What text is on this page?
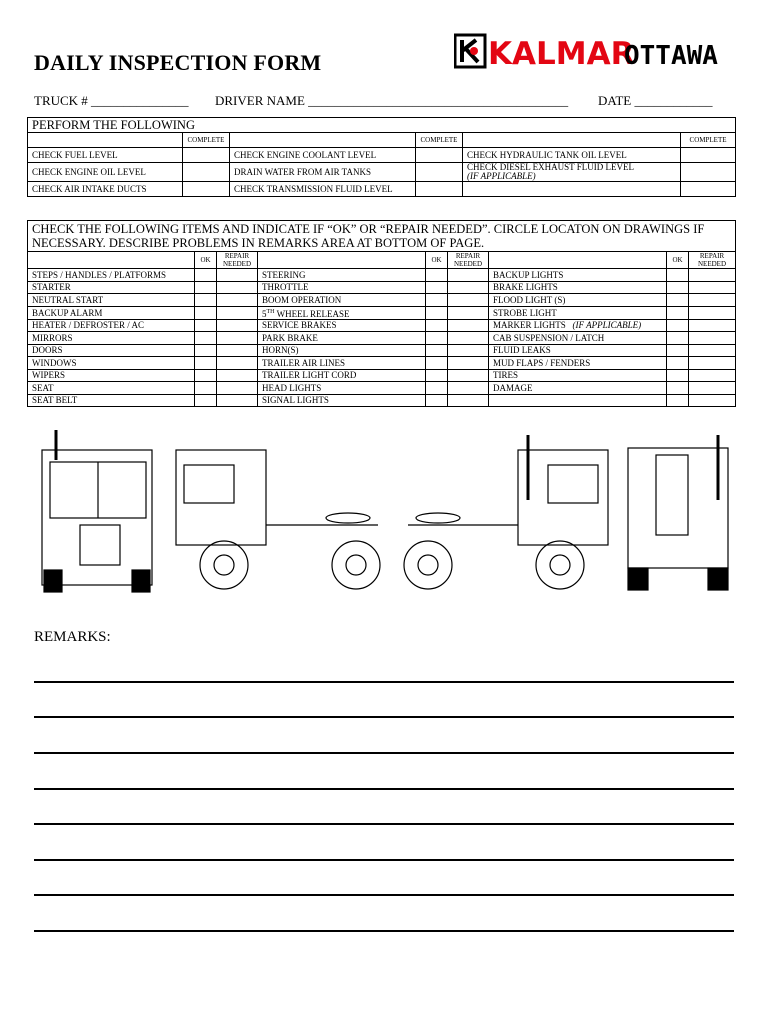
DAILY INSPECTION FORM	KALMAR
OTTAWA
TRUCK # _______________ DRIVER NAME ________________________________________ DATE ____________
PERFORM THE FOLLOWING					
	COMPLETE		COMPLETE		COMPLETE
CHECK FUEL LEVEL		CHECK ENGINE COOLANT LEVEL		CHECK HYDRAULIC TANK OIL LEVEL	
CHECK ENGINE OIL LEVEL		DRAIN WATER FROM AIR TANKS		CHECK DIESEL EXHAUST FLUID LEVEL
(IF APPLICABLE)	
CHECK AIR INTAKE DUCTS		CHECK TRANSMISSION FLUID LEVEL			
CHECK THE FOLLOWING ITEMS AND INDICATE IF “OK” OR “REPAIR NEEDED”. CIRCLE LOCATON ON DRAWINGS IF NECESSARY. DESCRIBE PROBLEMS IN REMARKS AREA AT BOTTOM OF PAGE.								
	OK	REPAIR
NEEDED		OK	REPAIR
NEEDED		OK	REPAIR
NEEDED
STEPS / HANDLES / PLATFORMS			STEERING			BACKUP LIGHTS		
STARTER			THROTTLE			BRAKE LIGHTS		
NEUTRAL START			BOOM OPERATION			FLOOD LIGHT (S)		
BACKUP ALARM			5TH WHEEL RELEASE			STROBE LIGHT		
HEATER / DEFROSTER / AC			SERVICE BRAKES			MARKER LIGHTS (IF APPLICABLE)		
MIRRORS			PARK BRAKE			CAB SUSPENSION / LATCH		
DOORS			HORN(S)			FLUID LEAKS		
WINDOWS			TRAILER AIR LINES			MUD FLAPS / FENDERS		
WIPERS			TRAILER LIGHT CORD			TIRES		
SEAT			HEAD LIGHTS			DAMAGE		
SEAT BELT			SIGNAL LIGHTS					
REMARKS:
